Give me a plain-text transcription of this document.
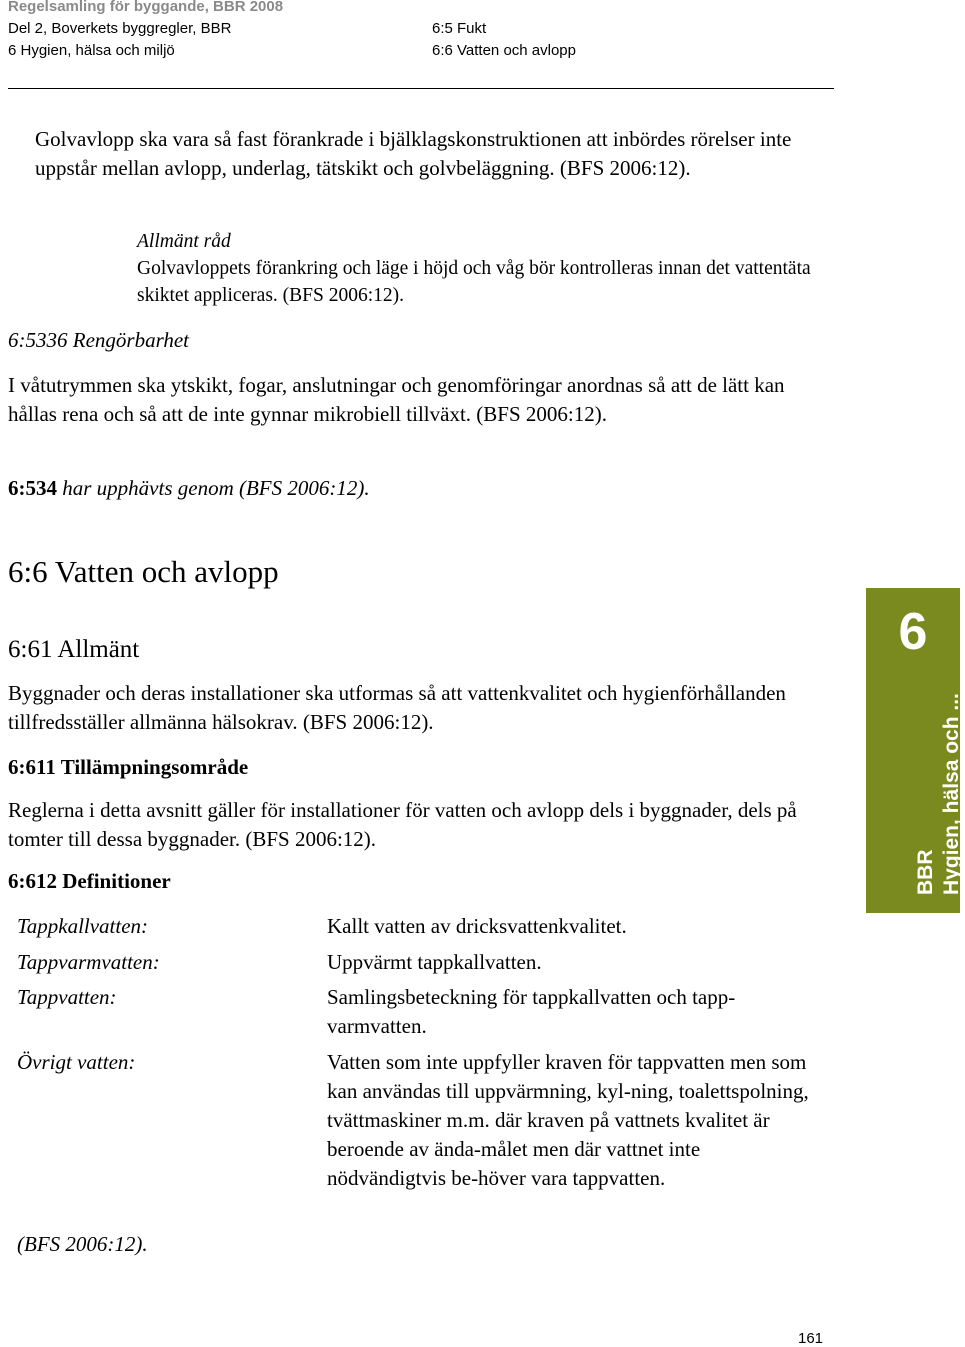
Regelsamling för byggande, BBR 2008
Del 2, Boverkets byggregler, BBR
6 Hygien, hälsa och miljö
6:5 Fukt
6:6 Vatten och avlopp
Golvavlopp ska vara så fast förankrade i bjälklagskonstruktionen att inbördes rörelser inte uppstår mellan avlopp, underlag, tätskikt och golvbeläggning. (BFS 2006:12).
Allmänt råd
Golvavloppets förankring och läge i höjd och våg bör kontrolleras innan det vattentäta skiktet appliceras. (BFS 2006:12).
6:5336 Rengörbarhet
I våtutrymmen ska ytskikt, fogar, anslutningar och genomföringar anordnas så att de lätt kan hållas rena och så att de inte gynnar mikrobiell tillväxt. (BFS 2006:12).
6:534 har upphävts genom (BFS 2006:12).
6:6 Vatten och avlopp
6:61 Allmänt
Byggnader och deras installationer ska utformas så att vattenkvalitet och hygienförhållanden tillfredsställer allmänna hälsokrav. (BFS 2006:12).
6:611 Tillämpningsområde
Reglerna i detta avsnitt gäller för installationer för vatten och avlopp dels i byggnader, dels på tomter till dessa byggnader. (BFS 2006:12).
6:612 Definitioner
Tappkallvatten:	Kallt vatten av dricksvattenkvalitet.
Tappvarmvatten:	Uppvärmt tappkallvatten.
Tappvatten:	Samlingsbeteckning för tappkallvatten och tapp-varmvatten.
Övrigt vatten:	Vatten som inte uppfyller kraven för tappvatten men som kan användas till uppvärmning, kyl-ning, toalettspolning, tvättmaskiner m.m. där kraven på vattnets kvalitet är beroende av ända-målet men där vattnet inte nödvändigtvis be-höver vara tappvatten.
(BFS 2006:12).
6
BBR Hygien, hälsa och ...
161
